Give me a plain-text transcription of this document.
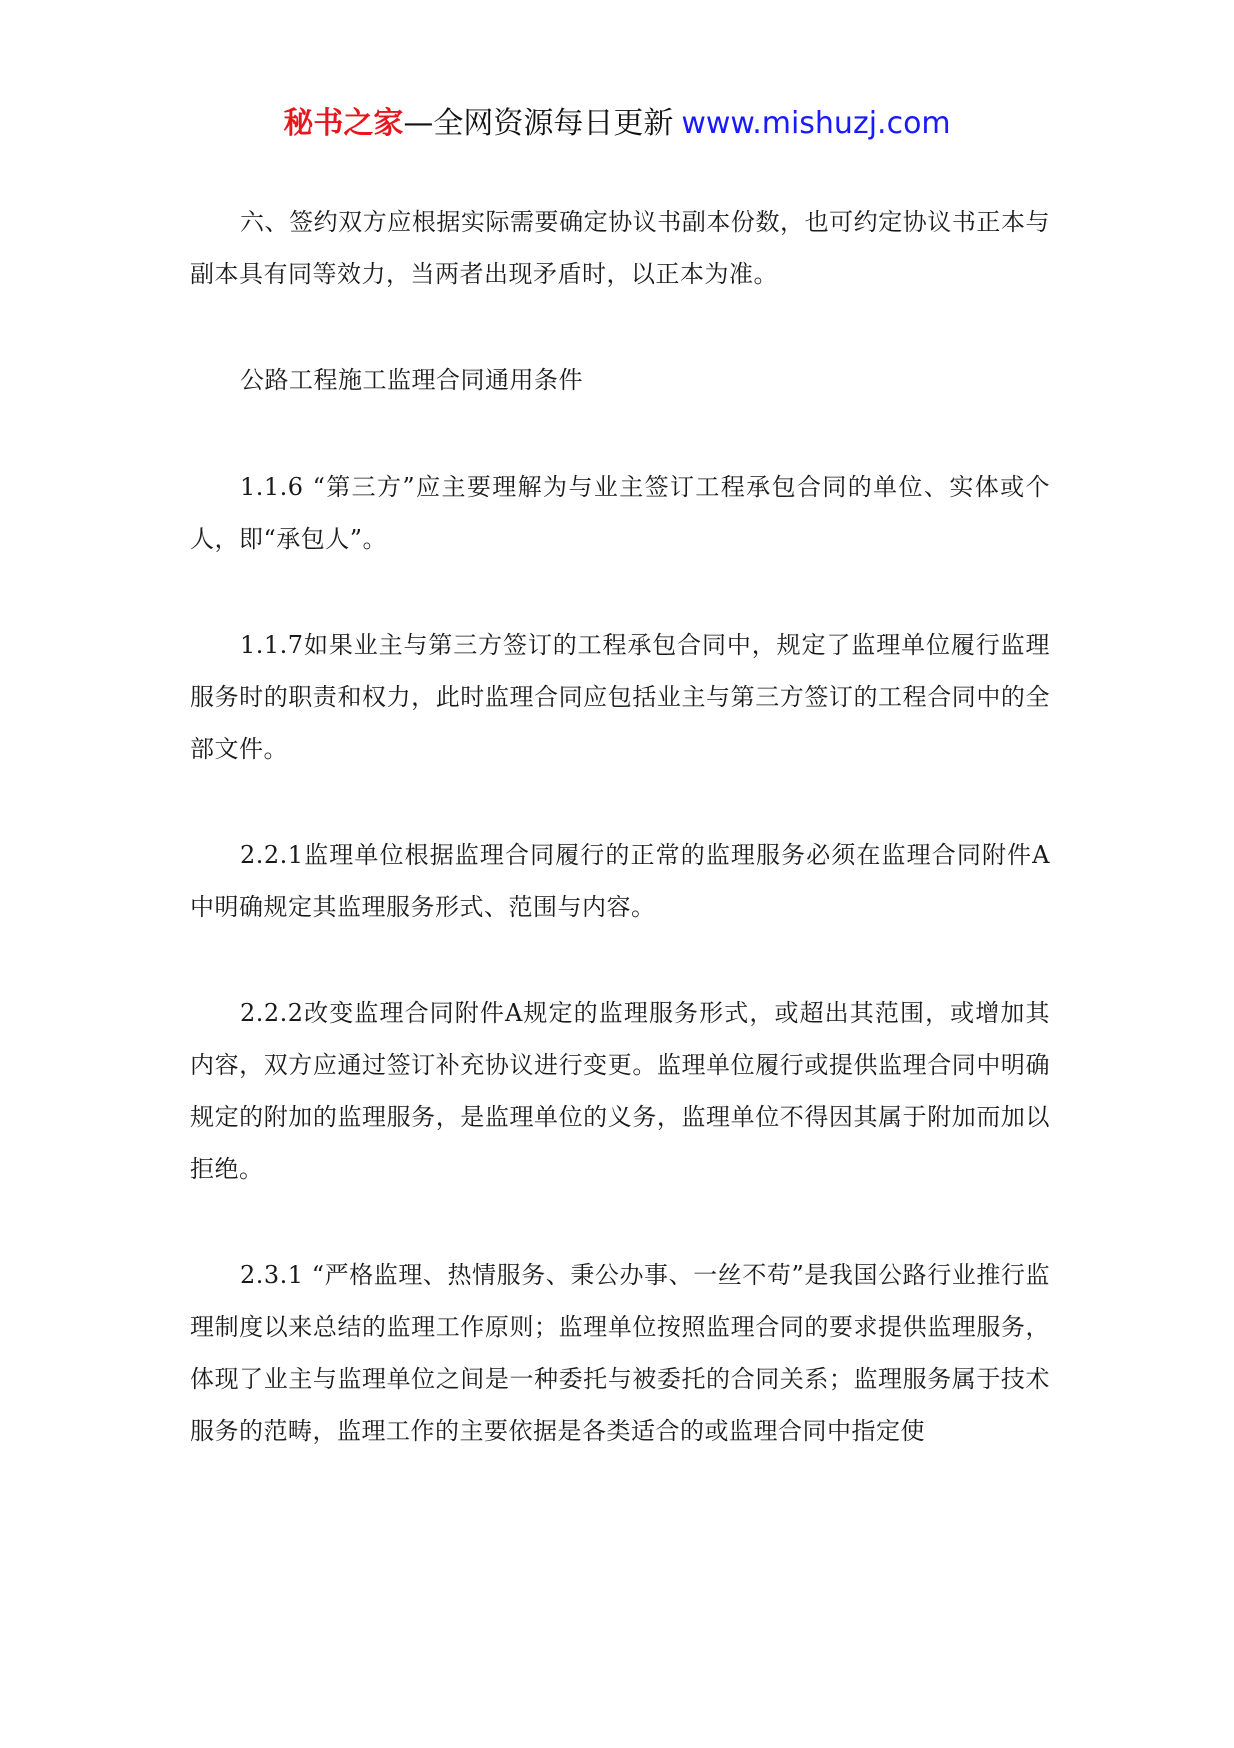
秘书之家—全网资源每日更新 www.mishuzj.com

六、签约双方应根据实际需要确定协议书副本份数，也可约定协议书正本与副本具有同等效力，当两者出现矛盾时，以正本为准。

公路工程施工监理合同通用条件

1.1.6 “第三方”应主要理解为与业主签订工程承包合同的单位、实体或个人，即“承包人”。

1.1.7如果业主与第三方签订的工程承包合同中，规定了监理单位履行监理服务时的职责和权力，此时监理合同应包括业主与第三方签订的工程合同中的全部文件。

2.2.1监理单位根据监理合同履行的正常的监理服务必须在监理合同附件A中明确规定其监理服务形式、范围与内容。

2.2.2改变监理合同附件A规定的监理服务形式，或超出其范围，或增加其内容，双方应通过签订补充协议进行变更。监理单位履行或提供监理合同中明确规定的附加的监理服务，是监理单位的义务，监理单位不得因其属于附加而加以拒绝。

2.3.1 “严格监理、热情服务、秉公办事、一丝不苟”是我国公路行业推行监理制度以来总结的监理工作原则；监理单位按照监理合同的要求提供监理服务，体现了业主与监理单位之间是一种委托与被委托的合同关系；监理服务属于技术服务的范畴，监理工作的主要依据是各类适合的或监理合同中指定使
